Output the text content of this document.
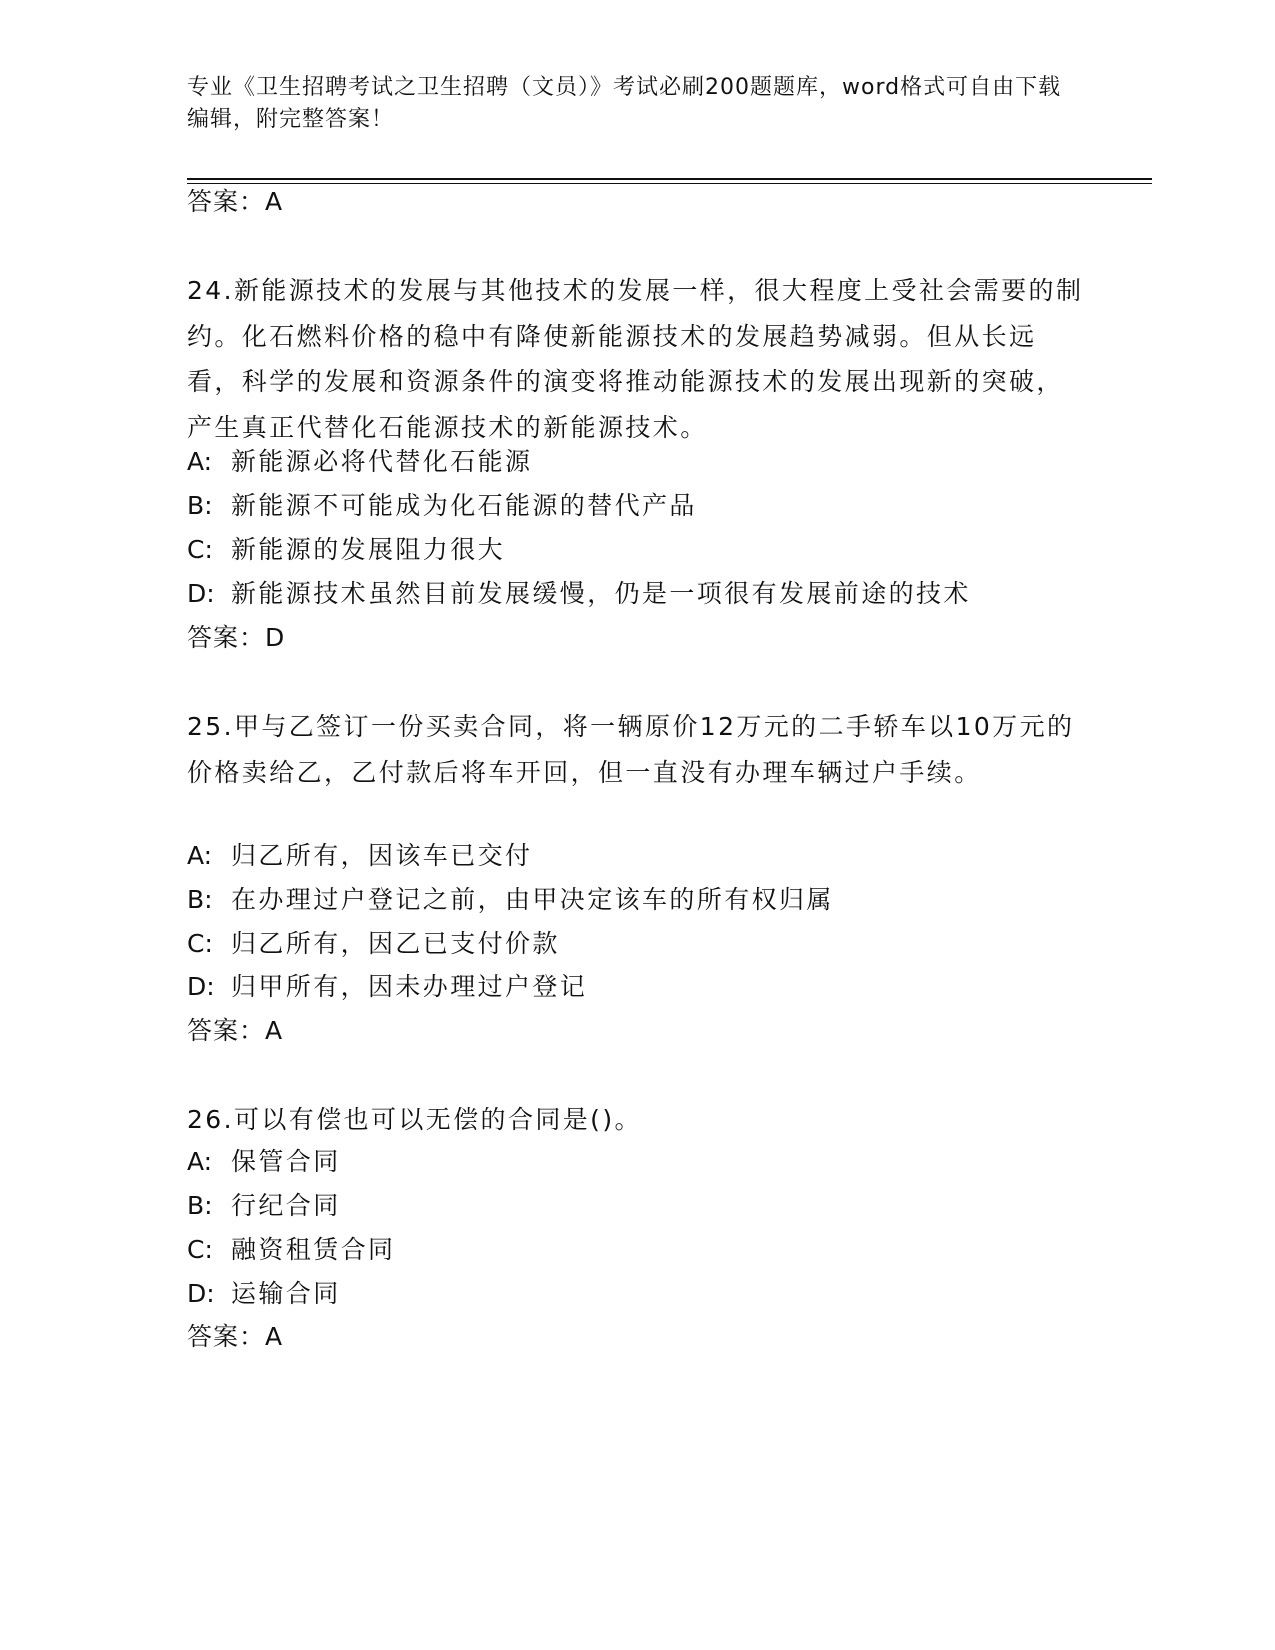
专业《卫生招聘考试之卫生招聘（文员）》考试必刷200题题库，word格式可自由下载编辑，附完整答案！
答案：A
24.新能源技术的发展与其他技术的发展一样，很大程度上受社会需要的制约。化石燃料价格的稳中有降使新能源技术的发展趋势减弱。但从长远看，科学的发展和资源条件的演变将推动能源技术的发展出现新的突破，产生真正代替化石能源技术的新能源技术。
A: 新能源必将代替化石能源
B: 新能源不可能成为化石能源的替代产品
C: 新能源的发展阻力很大
D: 新能源技术虽然目前发展缓慢，仍是一项很有发展前途的技术
答案：D
25.甲与乙签订一份买卖合同，将一辆原价12万元的二手轿车以10万元的价格卖给乙，乙付款后将车开回，但一直没有办理车辆过户手续。
A: 归乙所有，因该车已交付
B: 在办理过户登记之前，由甲决定该车的所有权归属
C: 归乙所有，因乙已支付价款
D: 归甲所有，因未办理过户登记
答案：A
26.可以有偿也可以无偿的合同是()。
A: 保管合同
B: 行纪合同
C: 融资租赁合同
D: 运输合同
答案：A
